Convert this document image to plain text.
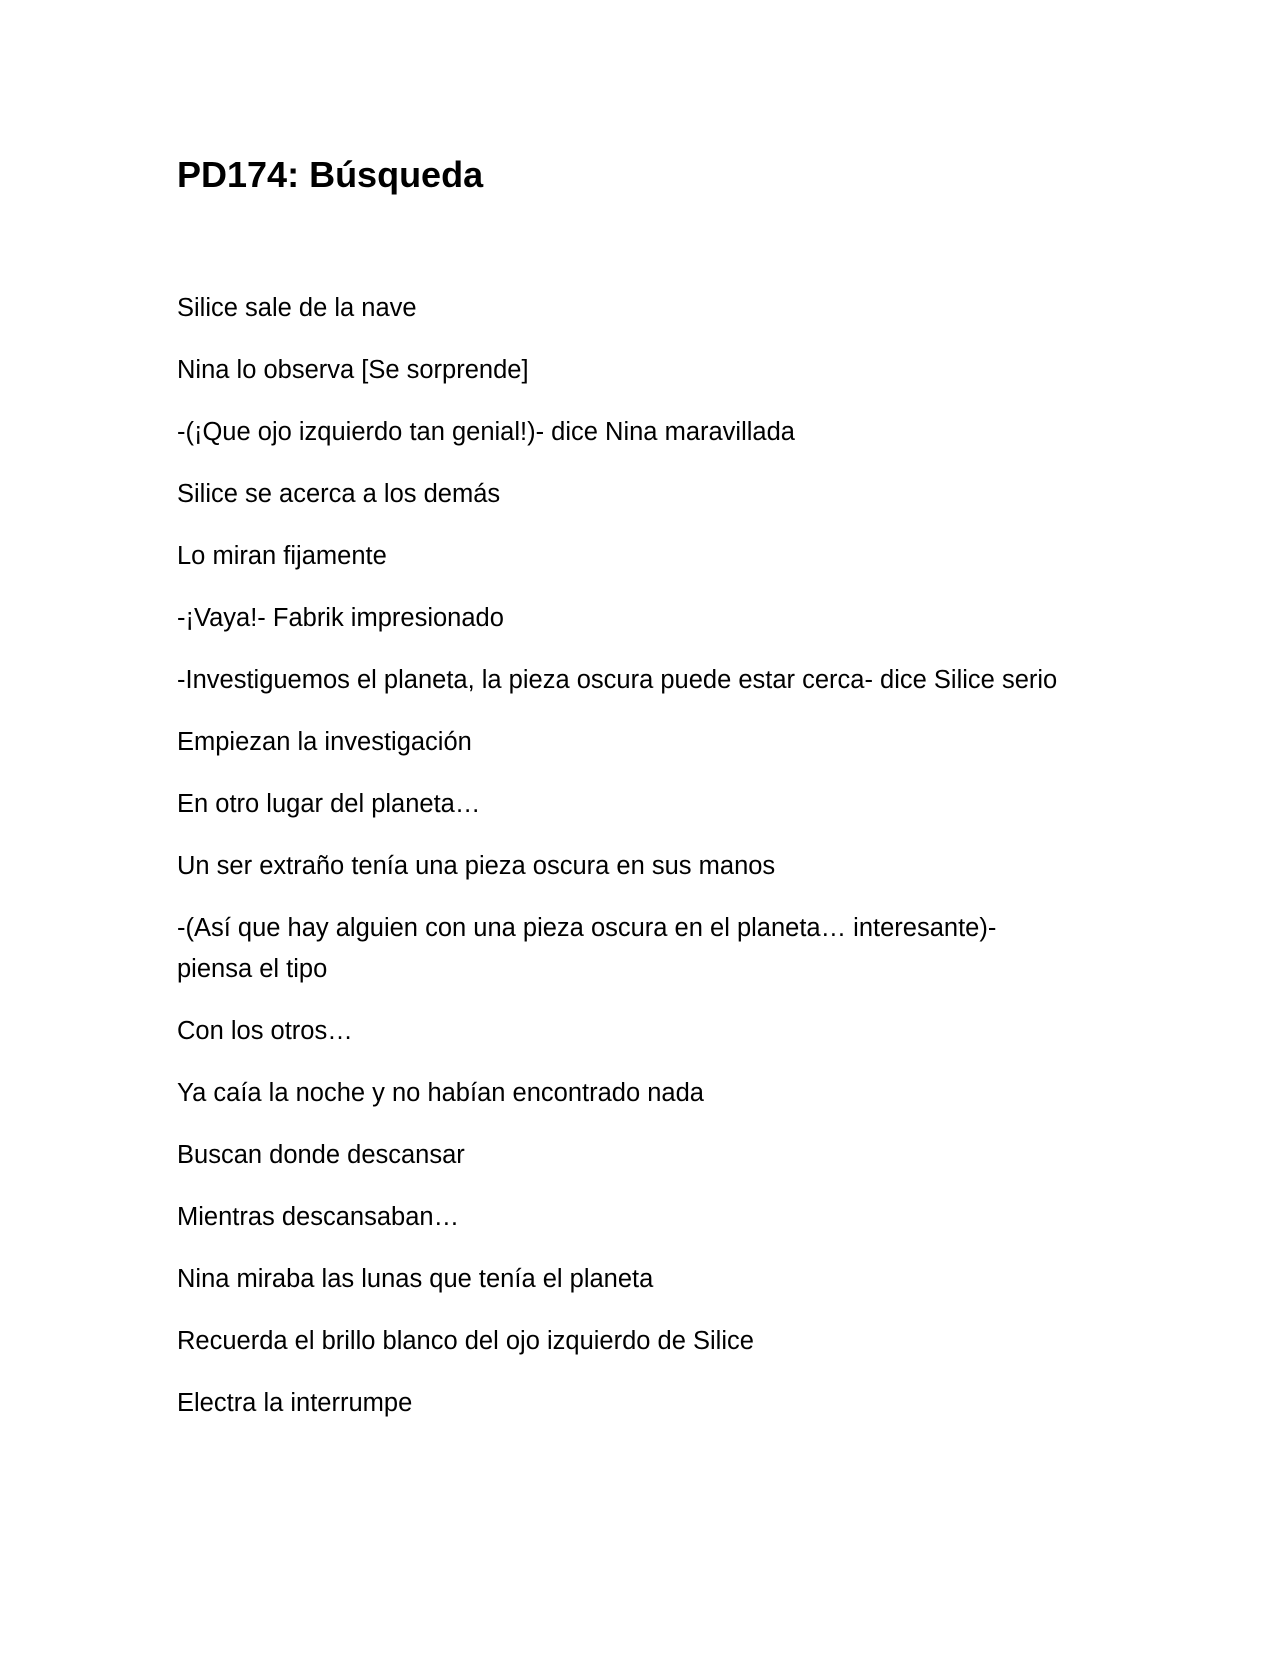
PD174: Búsqueda

Silice sale de la nave

Nina lo observa [Se sorprende]

-(¡Que ojo izquierdo tan genial!)- dice Nina maravillada

Silice se acerca a los demás

Lo miran fijamente

-¡Vaya!- Fabrik impresionado

-Investiguemos el planeta, la pieza oscura puede estar cerca- dice Silice serio

Empiezan la investigación

En otro lugar del planeta…

Un ser extraño tenía una pieza oscura en sus manos

-(Así que hay alguien con una pieza oscura en el planeta… interesante)- piensa el tipo

Con los otros…

Ya caía la noche y no habían encontrado nada

Buscan donde descansar

Mientras descansaban…

Nina miraba las lunas que tenía el planeta

Recuerda el brillo blanco del ojo izquierdo de Silice

Electra la interrumpe
